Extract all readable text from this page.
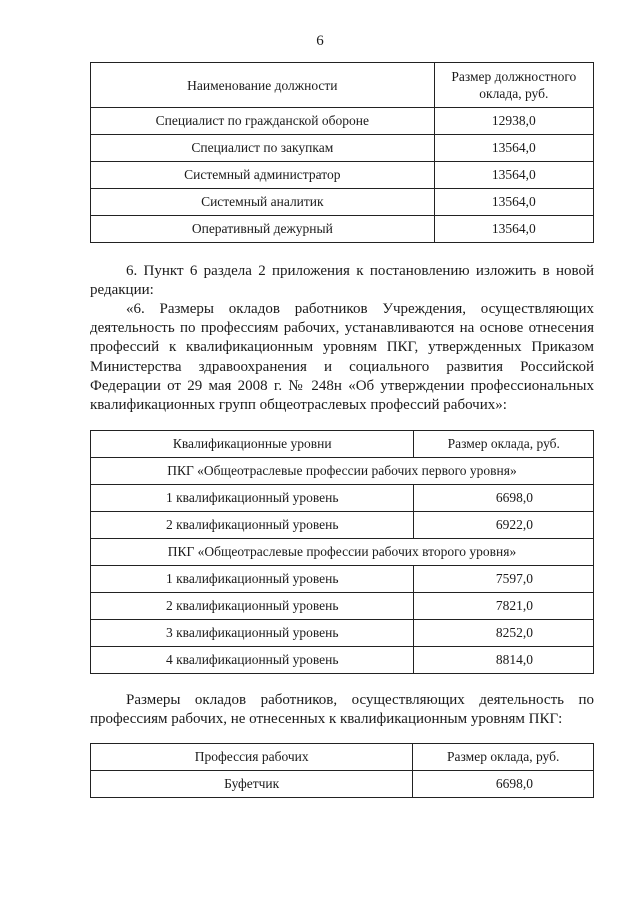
6
Наименование должности	Размер должностного оклада, руб.
Специалист по гражданской обороне	12938,0
Специалист по закупкам	13564,0
Системный администратор	13564,0
Системный аналитик	13564,0
Оперативный дежурный	13564,0
6. Пункт 6 раздела 2 приложения к постановлению изложить в новой редакции:
«6. Размеры окладов работников Учреждения, осуществляющих деятельность по профессиям рабочих, устанавливаются на основе отнесения профессий к квалификационным уровням ПКГ, утвержденных Приказом Министерства здравоохранения и социального развития Российской Федерации от 29 мая 2008 г. № 248н «Об утверждении профессиональных квалификационных групп общеотраслевых профессий рабочих»:
Квалификационные уровни	Размер оклада, руб.
ПКГ «Общеотраслевые профессии рабочих первого уровня»	
1 квалификационный уровень	6698,0
2 квалификационный уровень	6922,0
ПКГ «Общеотраслевые профессии рабочих второго уровня»	
1 квалификационный уровень	7597,0
2 квалификационный уровень	7821,0
3 квалификационный уровень	8252,0
4 квалификационный уровень	8814,0
Размеры окладов работников, осуществляющих деятельность по профессиям рабочих, не отнесенных к квалификационным уровням ПКГ:
Профессия рабочих	Размер оклада, руб.
Буфетчик	6698,0
